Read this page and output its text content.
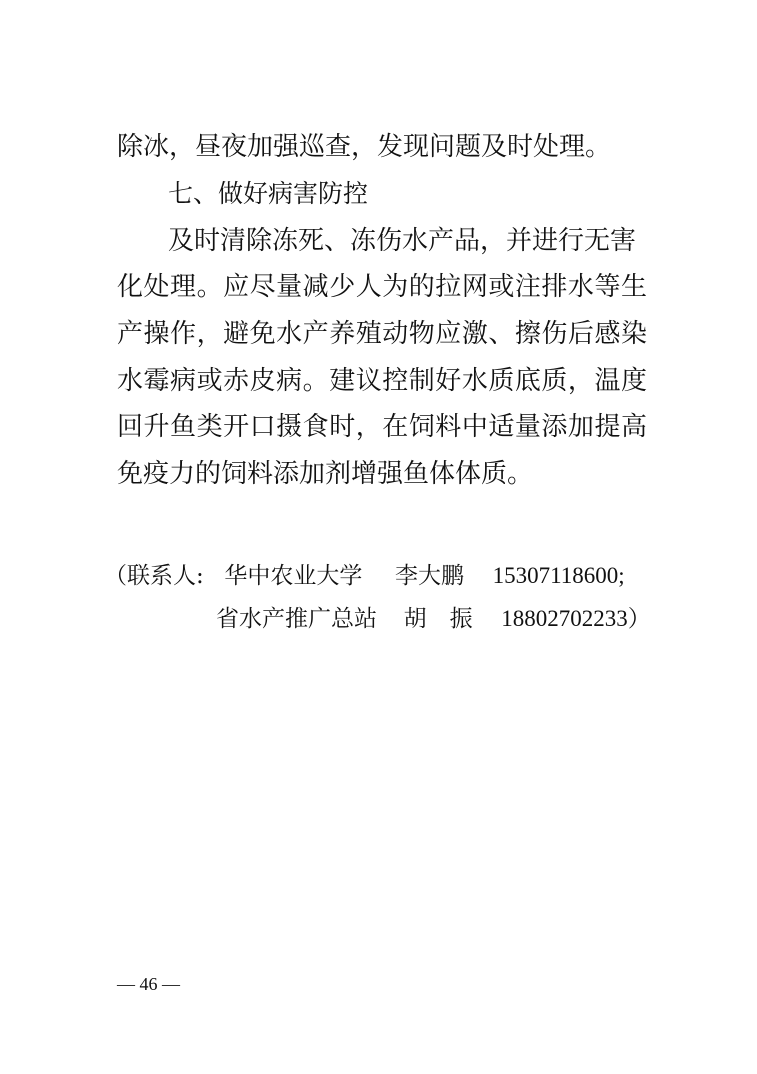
除冰，昼夜加强巡查，发现问题及时处理。
七、做好病害防控
及时清除冻死、冻伤水产品，并进行无害
化处理。应尽量减少人为的拉网或注排水等生
产操作，避免水产养殖动物应激、擦伤后感染
水霉病或赤皮病。建议控制好水质底质，温度
回升鱼类开口摄食时，在饲料中适量添加提高
免疫力的饲料添加剂增强鱼体体质。
（联系人: 华中农业大学 李大鹏 15307118600;
省水产推广总站 胡　振 18802702233）
— 46 —
